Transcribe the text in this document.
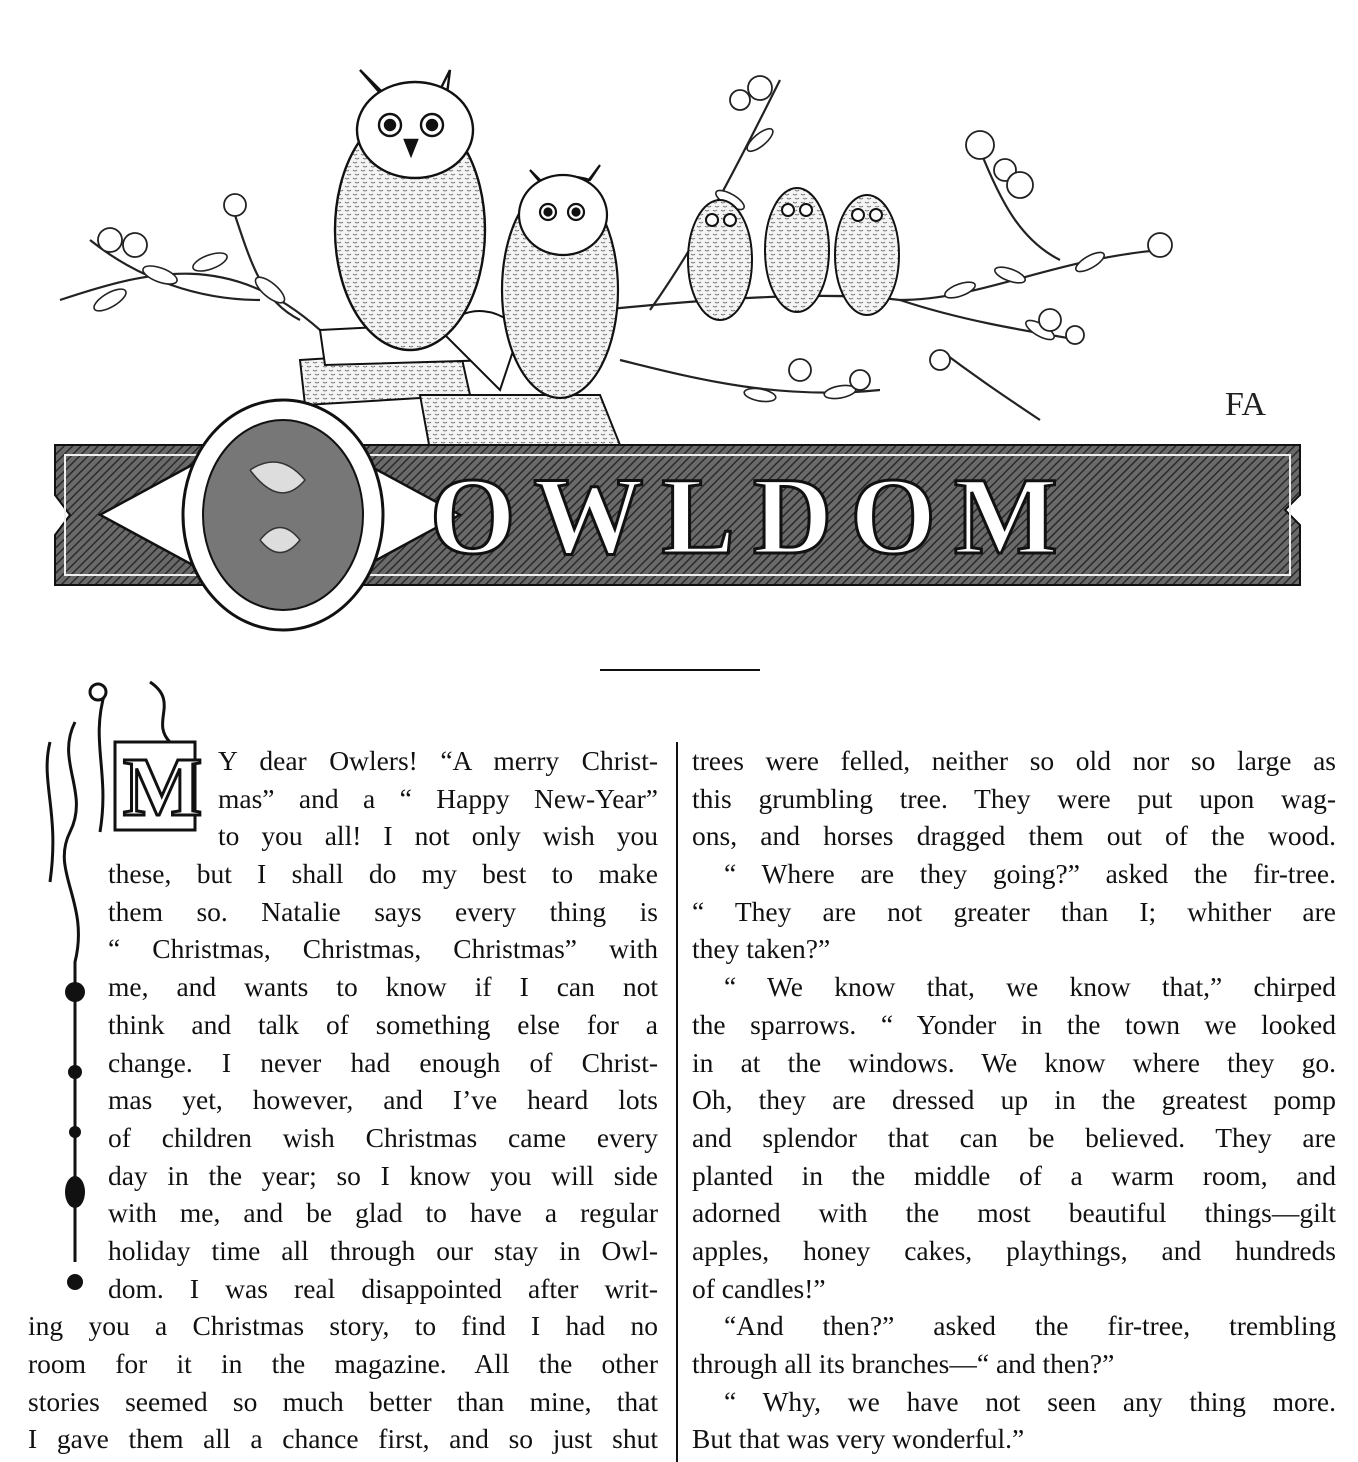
FA
OWLDOM
M Y dear Owlers! “A merry Christ-
mas” and a “ Happy New-Year”
to you all! I not only wish you
these, but I shall do my best to make
them so. Natalie says every thing is
“ Christmas, Christmas, Christmas” with
me, and wants to know if I can not
think and talk of something else for a
change. I never had enough of Christ-
mas yet, however, and I’ve heard lots
of children wish Christmas came every
day in the year; so I know you will side
with me, and be glad to have a regular
holiday time all through our stay in Owl-
dom. I was real disappointed after writ-
ing you a Christmas story, to find I had no
room for it in the magazine. All the other
stories seemed so much better than mine, that
I gave them all a chance first, and so just shut
trees were felled, neither so old nor so large as
this grumbling tree. They were put upon wag-
ons, and horses dragged them out of the wood.
“ Where are they going?” asked the fir-tree.
“ They are not greater than I; whither are
they taken?”
“ We know that, we know that,” chirped
the sparrows. “ Yonder in the town we looked
in at the windows. We know where they go.
Oh, they are dressed up in the greatest pomp
and splendor that can be believed. They are
planted in the middle of a warm room, and
adorned with the most beautiful things—gilt
apples, honey cakes, playthings, and hundreds
of candles!”
“And then?” asked the fir-tree, trembling
through all its branches—“ and then?”
“ Why, we have not seen any thing more.
But that was very wonderful.”
